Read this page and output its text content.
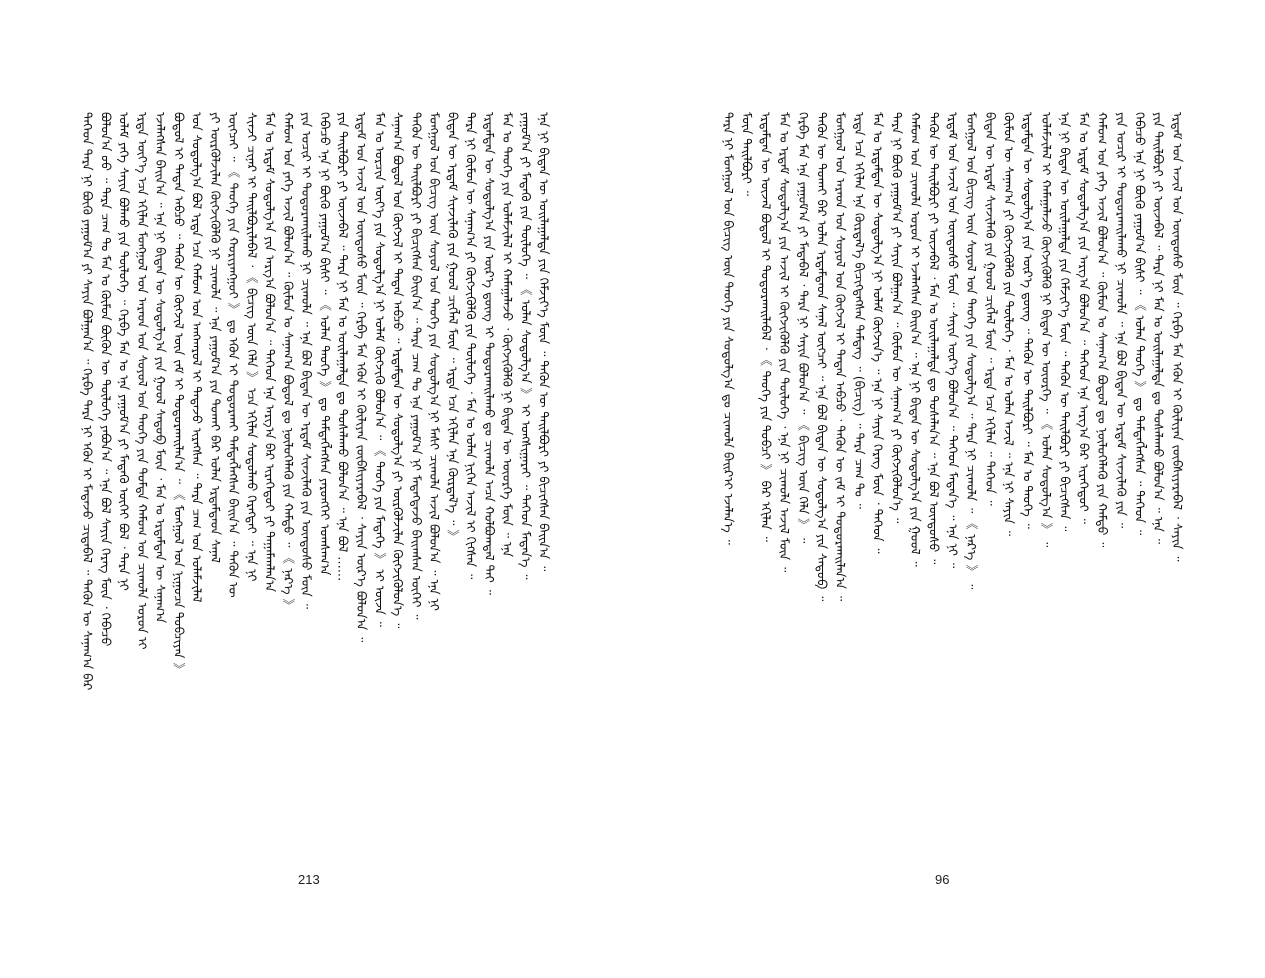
ᠲᠡᠭᠡᠳ ᠲᠡᠷᠡ ᠨᠢ ᠪᠦᠬᠦ ᠶᠠᠭᠤᠮ᠎ᠠ ᠶᠢ ᠰᠠᠶᠢᠨ ᠪᠣᠯᠭᠠᠨ᠎ᠠ ᠃ ᠬᠡᠷᠪᠡ ᠲᠡᠷᠡ ᠨᠢ ᠡᠭᠦᠨ ᠢ ᠮᠡᠳᠡᠵᠦ ᠴᠢᠳᠠᠪᠠᠯ ᠃ ᠲᠡᠭᠦᠨ ᠦ ᠰᠠᠨᠠᠭ᠎ᠠ ᠪᠡᠷ ᠪᠣᠯᠤᠨ᠎ᠠ ᠦᠦ ᠃ ᠲᠡᠷᠡ ᠴᠠᠭ ᠲᠤ ᠮᠠᠨ ᠤ ᠬᠦᠮᠦᠨ ᠪᠦᠬᠦᠨ ᠦ ᠲᠦᠯᠦᠭᠡ ᠶᠠᠪᠤᠨ᠎ᠠ ᠃ ᠡᠨᠡ ᠪᠣᠯ ᠰᠠᠶᠢᠨ ᠬᠡᠷᠡᠭ ᠮᠦᠨ ᠂ ᠭᠡᠪᠡᠴᠦ ᠤᠯᠠᠮ ᠶᠡᠬᠡ ᠰᠠᠶᠢᠨ ᠪᠣᠯᠬᠤ ᠶᠢᠨ ᠲᠥᠯᠦᠭᠡ ᠃ ᠬᠡᠷᠪᠡ ᠮᠠᠨ ᠤ ᠡᠨᠡ ᠶᠠᠭᠤᠮ᠎ᠠ ᠶᠢ ᠮᠡᠳᠡᠬᠦ ᠦᠭᠡᠢ ᠪᠣᠯ ᠂ ᠲᠡᠷᠡ ᠨᠢ ᠡᠷᠲᠡ ᠦᠶ᠎ᠡ ᠡᠴᠡ ᠡᠬᠢᠯᠡᠨ ᠮᠣᠩᠭᠣᠯ ᠤᠨ ᠠᠷᠠᠳ ᠤᠨ ᠰᠣᠶᠣᠯ ᠤᠨ ᠲᠡᠦᠬᠡ ᠶᠢᠨ ᠳᠤᠮᠳᠠ ᠬᠠᠮᠤᠭ ᠤᠨ ᠴᠢᠬᠤᠯᠠ ᠣᠷᠤᠨ ᠢ ᠡᠵᠡᠯᠡᠭᠰᠡᠨ ᠪᠠᠢᠨ᠎ᠠ ᠃ ᠡᠨᠡ ᠨᠢ ᠪᠢᠳᠡᠨ ᠦ ᠰᠤᠳᠤᠯᠭ᠎ᠠ ᠶᠢᠨ ᠭᠣᠣᠯ ᠰᠡᠳᠦᠪ ᠮᠦᠨ ᠂ ᠮᠠᠨ ᠤ ᠡᠷᠳᠡᠮᠲᠡᠨ ᠦ ᠰᠠᠨᠠᠭ᠎ᠠ ᠪᠣᠳᠤᠯ ᠢ ᠲᠠᠲᠠᠨ ᠠᠪᠴᠤ ᠃ ᠲᠡᠭᠦᠨ ᠦ ᠬᠥᠭᠵᠢᠯ ᠦᠨ ᠵᠠᠮ ᠢ ᠲᠣᠳᠣᠷᠬᠠᠢᠯᠠᠨ᠎ᠠ ᠃ 《 ᠮᠣᠩᠭᠣᠯ ᠤᠨ ᠨᠢᠭᠤᠴᠠ ᠲᠣᠪᠴᠢᠶᠠᠨ 》 ᠤᠨ ᠰᠤᠳᠤᠯᠭ᠎ᠠ ᠪᠣᠯ ᠡᠷᠲᠡ ᠡᠴᠡ ᠬᠠᠮᠤᠭ ᠤᠨ ᠠᠩᠬᠠᠷᠤᠯ ᠢ ᠲᠠᠲᠠᠵᠤ ᠢᠷᠡᠭᠰᠡᠨ ᠃ ᠲᠡᠷᠡ ᠴᠠᠭ ᠤᠨ ᠤᠯᠠᠮᠵᠢᠯᠠᠯ ᠶᠢ ᠦᠷᠭᠦᠯᠵᠢᠯᠡᠨ ᠬᠥᠭᠵᠢᠭᠦᠯᠬᠦ ᠨᠢ ᠴᠢᠬᠤᠯᠠ ᠃ ᠡᠨᠡ ᠶᠠᠭᠤᠮ᠎ᠠ ᠶᠢᠨ ᠲᠤᠬᠠᠢ ᠪᠠᠷ ᠣᠯᠠᠨ ᠡᠷᠳᠡᠮᠲᠡᠳ ᠰᠠᠨᠠᠯ ᠥᠭᠴᠡᠢ ᠃ 《 ᠲᠡᠦᠬᠡ ᠶᠢᠨ ᠬᠣᠷᠢᠶᠠᠩᠭᠤᠢ 》 ᠳᠤ ᠡᠭᠦᠨ ᠢ ᠲᠣᠳᠣᠷᠬᠠᠢ ᠲᠡᠮᠳᠡᠭᠯᠡᠭᠰᠡᠨ ᠪᠠᠢᠨ᠎ᠠ ᠃ ᠲᠡᠭᠦᠨ ᠦ ᠰᠢᠨᠵᠢ ᠴᠢᠨᠠᠷ ᠢ ᠲᠠᠢᠯᠪᠤᠷᠢᠯᠠᠪᠠᠯ ᠂ 《 ᠪᠢᠴᠢᠭ ᠦᠨ ᠬᠡᠯᠡ 》 ᠡᠴᠡ ᠡᠬᠢᠯᠡᠨ ᠰᠤᠳᠤᠯᠬᠤ ᠬᠡᠷᠡᠭᠲᠡᠢ ᠃ ᠡᠨᠡ ᠨᠢ ᠮᠠᠨ ᠤ ᠡᠷᠳᠡᠮ ᠰᠤᠳᠤᠯᠭ᠎ᠠ ᠶᠢᠨ ᠠᠷᠭ᠎ᠠ ᠪᠣᠯᠤᠨ᠎ᠠ ᠃ ᠲᠡᠭᠡᠳ ᠡᠨᠡ ᠠᠷᠭ᠎ᠠ ᠪᠠᠷ ᠢᠷᠡᠭᠡᠳᠦᠢ ᠶᠢ ᠲᠠᠭᠠᠮᠠᠭᠯᠠᠨ᠎ᠠ ᠬᠠᠮᠤᠭ ᠤᠨ ᠶᠡᠬᠡ ᠠᠵᠢᠯ ᠪᠣᠯᠤᠨ᠎ᠠ ᠃ ᠬᠦᠮᠦᠨ ᠤ ᠰᠠᠨᠠᠭ᠎ᠠ ᠪᠣᠳᠤᠯ ᠳᠤ ᠨᠥᠯᠦᠭᠡᠯᠡᠬᠦ ᠶᠢᠨ ᠬᠠᠮᠲᠤ ᠃ 《 ᠨᠡᠷ᠎ᠡ 》 ᠶᠢᠨ ᠤᠴᠢᠷ ᠢ ᠲᠣᠳᠣᠷᠬᠠᠢᠯᠠᠬᠤ ᠨᠢ ᠴᠢᠬᠤᠯᠠ ᠃ ᠡᠨᠡ ᠪᠣᠯ ᠪᠢᠳᠡᠨ ᠦ ᠡᠷᠳᠡᠮ ᠰᠢᠨᠵᠢᠯᠡᠬᠦ ᠶᠢᠨ ᠦᠨᠳᠦᠰᠦ ᠮᠦᠨ ᠃ ᠭᠡᠪᠡᠴᠦ ᠡᠨᠡ ᠨᠢ ᠪᠦᠬᠦ ᠶᠠᠭᠤᠮ᠎ᠠ ᠪᠢᠰᠢ ᠃ 《 ᠣᠯᠠᠨ ᠲᠡᠦᠬᠡ 》 ᠳᠤ ᠲᠡᠮᠳᠡᠭᠯᠡᠭᠰᠡᠨ ᠶᠡᠷᠦᠩᠬᠡᠢ ᠤᠭᠰᠠᠭ᠎ᠠ ᠶᠢᠨ ᠲᠠᠢᠯᠪᠤᠷᠢ ᠶᠢ ᠦᠵᠡᠪᠡᠯ ᠃ ᠲᠡᠷᠡ ᠨᠢ ᠮᠠᠨ ᠤ ᠣᠢᠯᠠᠭᠠᠯᠲᠠ ᠳᠤ ᠲᠤᠰᠠᠯᠠᠬᠤ ᠪᠣᠯᠤᠨ᠎ᠠ ᠃ ᠡᠨᠡ ᠪᠣᠯ …… ᠡᠷᠳᠡᠮ ᠤᠨ ᠠᠵᠢᠯ ᠤᠨ ᠦᠨᠳᠦᠰᠦ ᠮᠦᠨ ᠃ ᠬᠡᠷᠪᠡ ᠮᠠᠨ ᠡᠭᠦᠨ ᠢ ᠬᠦᠯᠢᠶᠡᠨ ᠵᠥᠪᠰᠢᠶᠡᠷᠡᠪᠡᠯ ᠂ ᠰᠠᠶᠢᠨ ᠦᠷ᠎ᠡ ᠪᠣᠯᠤᠨ᠎ᠠ ᠃ ᠮᠠᠨ ᠤ ᠣᠷᠴᠢᠨ ᠦᠶ᠎ᠡ ᠶᠢᠨ ᠰᠤᠳᠤᠯᠭ᠎ᠠ ᠨᠢ ᠤᠯᠠᠮ ᠬᠥᠭᠵᠢᠬᠦ ᠪᠣᠯᠤᠨ᠎ᠠ ᠃ 《 ᠲᠡᠦᠬᠡ ᠶᠢᠨ ᠮᠡᠳᠡᠭᠡ 》 ᠢ ᠦᠵᠡ ᠃ ᠰᠠᠨᠠᠭ᠎ᠠ ᠪᠣᠳᠤᠯ ᠤᠨ ᠬᠥᠭᠵᠢᠯ ᠢ ᠲᠠᠲᠠᠨ ᠠᠪᠴᠤ ᠃ ᠡᠷᠳᠡᠮᠲᠡᠨ ᠦ ᠰᠤᠳᠤᠯᠭ᠎ᠠ ᠶᠢ ᠦᠷᠭᠦᠯᠵᠢᠯᠡᠨ ᠬᠥᠭᠵᠢᠭᠦᠯᠦᠨ᠎ᠡ ᠃ ᠲᠡᠭᠦᠨ ᠦ ᠲᠠᠢᠯᠪᠤᠷᠢ ᠶᠢ ᠪᠢᠴᠢᠭᠰᠡᠨ ᠪᠠᠢᠨ᠎ᠠ ᠃ ᠲᠡᠷᠡ ᠴᠠᠭ ᠲᠤ ᠡᠨᠡ ᠶᠠᠭᠤᠮ᠎ᠠ ᠨᠢ ᠮᠡᠳᠡᠭᠳᠡᠵᠦ ᠪᠠᠢᠭᠰᠠᠨ ᠦᠭᠡᠢ ᠃ ᠮᠣᠩᠭᠣᠯ ᠤᠨ ᠪᠢᠴᠢᠭ ᠦᠨ ᠰᠤᠶᠤᠯ ᠤᠨ ᠲᠡᠦᠬᠡ ᠶᠢᠨ ᠰᠤᠳᠤᠯᠭ᠎ᠠ ᠨᠢ ᠮᠠᠰᠢ ᠴᠢᠬᠤᠯᠠ ᠠᠵᠢᠯ ᠪᠣᠯᠤᠨ᠎ᠠ ᠃ ᠡᠨᠡ ᠨᠢ ᠪᠢᠳᠡᠨ ᠦ ᠡᠷᠳᠡᠮ ᠰᠢᠨᠵᠢᠯᠡᠬᠦ ᠶᠢᠨ ᠭᠣᠣᠯ ᠴᠢᠭᠯᠡᠯ ᠮᠦᠨ ᠃ ᠡᠷᠲᠡ ᠡᠴᠡ ᠡᠬᠢᠯᠡᠨ ᠡᠨᠡ ᠬᠦᠷᠲᠡᠯ᠎ᠡ ᠃ 》 ᠲᠡᠷᠡ ᠨᠢ ᠬᠦᠮᠦᠨ ᠦ ᠰᠠᠨᠠᠭ᠎ᠠ ᠶᠢ ᠬᠥᠭᠵᠢᠭᠦᠯᠬᠦ ᠶᠢᠨ ᠲᠥᠯᠦᠭᠡ ᠂ ᠮᠠᠨ ᠤ ᠣᠯᠠᠨ ᠨᠢᠭᠡᠨ ᠠᠵᠢᠯ ᠢ ᠬᠢᠭᠰᠡᠨ ᠃ ᠡᠷᠳᠡᠮᠲᠡᠨ ᠦ ᠰᠤᠳᠤᠯᠭ᠎ᠠ ᠶᠢᠨ ᠦᠷ᠎ᠡ ᠳ᠋ᠦᠩ ᠢ ᠲᠣᠳᠣᠷᠬᠠᠢᠯᠠᠬᠤ ᠳᠤ ᠴᠢᠬᠤᠯᠠ ᠠᠴᠠ ᠬᠣᠯᠪᠣᠭᠳᠠᠯ ᠲᠠᠢ ᠃ ᠮᠠᠨ ᠤ ᠲᠡᠦᠬᠡ ᠶᠢᠨ ᠤᠯᠠᠮᠵᠢᠯᠠᠯ ᠢ ᠬᠠᠮᠠᠭᠠᠯᠠᠵᠤ ᠂ ᠬᠥᠭᠵᠢᠭᠦᠯᠬᠦ ᠨᠢ ᠪᠢᠳᠡᠨ ᠦ ᠦᠦᠷᠭᠡ ᠮᠦᠨ ᠃ ᠡᠨᠡ ᠶᠠᠭᠤᠮ᠎ᠠ ᠶᠢ ᠮᠡᠳᠡᠬᠦ ᠶᠢᠨ ᠲᠥᠯᠦᠭᠡ ᠃ 《 ᠣᠯᠠᠨ ᠰᠤᠳᠤᠯᠭ᠎ᠠ 》 ᠢ ᠤᠩᠰᠢᠭᠠᠷᠠᠢ ᠃ ᠲᠡᠭᠡᠳ ᠮᠡᠳᠡᠨ᠎ᠡ ᠃ ᠡᠨᠡ ᠨᠢ ᠪᠢᠳᠡᠨ ᠦ ᠣᠢᠯᠠᠭᠠᠯᠲᠠ ᠶᠢᠨ ᠬᠡᠮᠵᠢᠶ᠎ᠡ ᠮᠦᠨ ᠃ ᠲᠡᠭᠦᠨ ᠦ ᠲᠠᠢᠯᠪᠤᠷᠢ ᠶᠢ ᠪᠢᠴᠢᠭᠰᠡᠨ ᠪᠠᠢᠨ᠎ᠠ ᠃
213
ᠲᠡᠷᠡ ᠨᠢ ᠮᠣᠩᠭᠣᠯ ᠤᠨ ᠪᠢᠴᠢᠭ ᠦᠨ ᠲᠡᠦᠬᠡ ᠶᠢᠨ ᠰᠤᠳᠤᠯᠭ᠎ᠠ ᠳᠤ ᠴᠢᠬᠤᠯᠠ ᠪᠠᠢᠷ᠎ᠢ ᠡᠵᠡᠯᠡᠨ᠎ᠡ ᠃ ᠮᠦᠨ ᠲᠠᠢᠯᠪᠤᠷᠢ ᠃ ᠡᠷᠳᠡᠮᠲᠡᠨ ᠦ ᠦᠵᠡᠯ ᠪᠣᠳᠤᠯ ᠢ ᠲᠣᠳᠣᠷᠬᠠᠢᠯᠠᠪᠠᠯ ᠂ 《 ᠲᠡᠦᠬᠡ ᠶᠢᠨ ᠲᠣᠪᠴᠢ 》 ᠪᠠᠷ ᠡᠬᠢᠯᠡᠨ ᠃ ᠮᠠᠨ ᠤ ᠡᠷᠳᠡᠮ ᠰᠤᠳᠤᠯᠭ᠎ᠠ ᠶᠢᠨ ᠠᠵᠢᠯ ᠢ ᠬᠥᠭᠵᠢᠭᠦᠯᠬᠦ ᠶᠢᠨ ᠲᠥᠯᠦᠭᠡ ᠂ ᠡᠨᠡ ᠨᠢ ᠴᠢᠬᠤᠯᠠ ᠠᠵᠢᠯ ᠮᠦᠨ ᠃ ᠬᠡᠷᠪᠡ ᠮᠠᠨ ᠡᠨᠡ ᠶᠠᠭᠤᠮ᠎ᠠ ᠶᠢ ᠮᠡᠳᠡᠪᠡᠯ ᠂ ᠲᠡᠷᠡ ᠨᠢ ᠰᠠᠶᠢᠨ ᠪᠣᠯᠤᠨ᠎ᠠ ᠃ 《 ᠪᠢᠴᠢᠭ ᠦᠨ ᠬᠡᠯᠡ 》 ᠃ ᠲᠡᠭᠦᠨ ᠦ ᠲᠤᠬᠠᠢ ᠪᠠᠷ ᠣᠯᠠᠨ ᠡᠷᠳᠡᠮᠲᠡᠳ ᠰᠠᠨᠠᠯ ᠥᠭᠴᠡᠢ ᠃ ᠡᠨᠡ ᠪᠣᠯ ᠪᠢᠳᠡᠨ ᠦ ᠰᠤᠳᠤᠯᠭ᠎ᠠ ᠶᠢᠨ ᠰᠡᠳᠦᠪ ᠃ ᠮᠣᠩᠭᠣᠯ ᠤᠨ ᠠᠷᠠᠳ ᠤᠨ ᠰᠣᠶᠣᠯ ᠤᠨ ᠬᠥᠭᠵᠢᠯ ᠢ ᠲᠠᠲᠠᠨ ᠠᠪᠴᠤ ᠂ ᠲᠡᠭᠦᠨ ᠦ ᠵᠠᠮ ᠢ ᠲᠣᠳᠣᠷᠬᠠᠢᠯᠠᠨ᠎ᠠ ᠃ ᠡᠷᠲᠡ ᠡᠴᠡ ᠡᠬᠢᠯᠡᠨ ᠡᠨᠡ ᠬᠦᠷᠲᠡᠯ᠎ᠡ ᠪᠢᠴᠢᠭᠳᠡᠭᠰᠡᠨ ᠲᠡᠮᠳᠡᠭ ᠃ (ᠪᠢᠴᠢᠭ) ᠃ ᠲᠡᠷᠡ ᠴᠠᠭ ᠲᠤ ᠃ ᠮᠠᠨ ᠤ ᠡᠷᠳᠡᠮᠲᠡᠨ ᠦ ᠰᠤᠳᠤᠯᠭ᠎ᠠ ᠨᠢ ᠤᠯᠠᠮ ᠬᠥᠭᠵᠢᠨ᠎ᠡ ᠃ ᠡᠨᠡ ᠨᠢ ᠰᠠᠶᠢᠨ ᠬᠡᠷᠡᠭ ᠮᠦᠨ ᠂ ᠲᠡᠭᠡᠳ ᠃ ᠲᠡᠷᠡ ᠨᠢ ᠪᠦᠬᠦ ᠶᠠᠭᠤᠮ᠎ᠠ ᠶᠢ ᠰᠠᠶᠢᠨ ᠪᠣᠯᠭᠠᠨ᠎ᠠ ᠃ ᠬᠦᠮᠦᠨ ᠦ ᠰᠠᠨᠠᠭ᠎ᠠ ᠶᠢ ᠬᠥᠭᠵᠢᠭᠦᠯᠦᠨ᠎ᠡ ᠃ ᠬᠠᠮᠤᠭ ᠤᠨ ᠴᠢᠬᠤᠯᠠ ᠣᠷᠤᠨ ᠢ ᠡᠵᠡᠯᠡᠭᠰᠡᠨ ᠪᠠᠢᠨ᠎ᠠ ᠃ ᠡᠨᠡ ᠨᠢ ᠪᠢᠳᠡᠨ ᠦ ᠰᠤᠳᠤᠯᠭ᠎ᠠ ᠶᠢᠨ ᠭᠣᠣᠯ ᠃ ᠲᠡᠭᠦᠨ ᠦ ᠲᠠᠢᠯᠪᠤᠷᠢ ᠶᠢ ᠦᠵᠡᠪᠡᠯ ᠂ ᠮᠠᠨ ᠤ ᠣᠢᠯᠠᠭᠠᠯᠲᠠ ᠳᠤ ᠲᠤᠰᠠᠯᠠᠨ᠎ᠠ ᠃ ᠡᠨᠡ ᠪᠣᠯ ᠦᠨᠳᠦᠰᠦ ᠃ ᠡᠷᠳᠡᠮ ᠤᠨ ᠠᠵᠢᠯ ᠤᠨ ᠦᠨᠳᠦᠰᠦ ᠮᠦᠨ ᠃ ᠰᠠᠶᠢᠨ ᠦᠷ᠎ᠡ ᠪᠣᠯᠤᠨ᠎ᠠ ᠃ ᠲᠡᠭᠡᠳ ᠮᠡᠳᠡᠨ᠎ᠡ ᠃ ᠡᠨᠡ ᠨᠢ ᠃ ᠮᠣᠩᠭᠣᠯ ᠤᠨ ᠪᠢᠴᠢᠭ ᠦᠨ ᠰᠤᠶᠤᠯ ᠤᠨ ᠲᠡᠦᠬᠡ ᠶᠢᠨ ᠰᠤᠳᠤᠯᠭ᠎ᠠ ᠃ ᠲᠡᠷᠡ ᠨᠢ ᠴᠢᠬᠤᠯᠠ ᠃ 《 ᠨᠡᠷ᠎ᠡ 》 ᠃ ᠪᠢᠳᠡᠨ ᠦ ᠡᠷᠳᠡᠮ ᠰᠢᠨᠵᠢᠯᠡᠬᠦ ᠶᠢᠨ ᠭᠣᠣᠯ ᠴᠢᠭᠯᠡᠯ ᠮᠦᠨ ᠃ ᠡᠷᠲᠡ ᠡᠴᠡ ᠡᠬᠢᠯᠡᠨ ᠃ ᠲᠡᠭᠡᠳ ᠃ ᠬᠦᠮᠦᠨ ᠦ ᠰᠠᠨᠠᠭ᠎ᠠ ᠶᠢ ᠬᠥᠭᠵᠢᠭᠦᠯᠬᠦ ᠶᠢᠨ ᠲᠥᠯᠦᠭᠡ ᠂ ᠮᠠᠨ ᠤ ᠣᠯᠠᠨ ᠠᠵᠢᠯ ᠃ ᠡᠨᠡ ᠨᠢ ᠰᠠᠶᠢᠨ ᠃ ᠡᠷᠳᠡᠮᠲᠡᠨ ᠦ ᠰᠤᠳᠤᠯᠭ᠎ᠠ ᠶᠢᠨ ᠦᠷ᠎ᠡ ᠳ᠋ᠦᠩ ᠃ ᠲᠡᠭᠦᠨ ᠦ ᠲᠠᠢᠯᠪᠤᠷᠢ ᠃ ᠮᠠᠨ ᠤ ᠲᠡᠦᠬᠡ ᠃ ᠤᠯᠠᠮᠵᠢᠯᠠᠯ ᠢ ᠬᠠᠮᠠᠭᠠᠯᠠᠵᠤ ᠬᠥᠭᠵᠢᠭᠦᠯᠬᠦ ᠨᠢ ᠪᠢᠳᠡᠨ ᠦ ᠦᠦᠷᠭᠡ ᠃ 《 ᠣᠯᠠᠨ ᠰᠤᠳᠤᠯᠭ᠎ᠠ 》 ᠃ ᠡᠨᠡ ᠨᠢ ᠪᠢᠳᠡᠨ ᠦ ᠣᠢᠯᠠᠭᠠᠯᠲᠠ ᠶᠢᠨ ᠬᠡᠮᠵᠢᠶ᠎ᠡ ᠮᠦᠨ ᠃ ᠲᠡᠭᠦᠨ ᠦ ᠲᠠᠢᠯᠪᠤᠷᠢ ᠶᠢ ᠪᠢᠴᠢᠭᠰᠡᠨ ᠃ ᠮᠠᠨ ᠤ ᠡᠷᠳᠡᠮ ᠰᠤᠳᠤᠯᠭ᠎ᠠ ᠶᠢᠨ ᠠᠷᠭ᠎ᠠ ᠪᠣᠯᠤᠨ᠎ᠠ ᠃ ᠲᠡᠭᠡᠳ ᠡᠨᠡ ᠠᠷᠭ᠎ᠠ ᠪᠠᠷ ᠢᠷᠡᠭᠡᠳᠦᠢ ᠃ ᠬᠠᠮᠤᠭ ᠤᠨ ᠶᠡᠬᠡ ᠠᠵᠢᠯ ᠪᠣᠯᠤᠨ᠎ᠠ ᠃ ᠬᠦᠮᠦᠨ ᠤ ᠰᠠᠨᠠᠭ᠎ᠠ ᠪᠣᠳᠤᠯ ᠳᠤ ᠨᠥᠯᠦᠭᠡᠯᠡᠬᠦ ᠶᠢᠨ ᠬᠠᠮᠲᠤ ᠃ ᠶᠢᠨ ᠤᠴᠢᠷ ᠢ ᠲᠣᠳᠣᠷᠬᠠᠢᠯᠠᠬᠤ ᠨᠢ ᠴᠢᠬᠤᠯᠠ ᠃ ᠡᠨᠡ ᠪᠣᠯ ᠪᠢᠳᠡᠨ ᠦ ᠡᠷᠳᠡᠮ ᠰᠢᠨᠵᠢᠯᠡᠬᠦ ᠶᠢᠨ ᠃ ᠭᠡᠪᠡᠴᠦ ᠡᠨᠡ ᠨᠢ ᠪᠦᠬᠦ ᠶᠠᠭᠤᠮ᠎ᠠ ᠪᠢᠰᠢ ᠃ 《 ᠣᠯᠠᠨ ᠲᠡᠦᠬᠡ 》 ᠳᠤ ᠲᠡᠮᠳᠡᠭᠯᠡᠭᠰᠡᠨ ᠃ ᠲᠡᠭᠡᠳ ᠃ ᠶᠢᠨ ᠲᠠᠢᠯᠪᠤᠷᠢ ᠶᠢ ᠦᠵᠡᠪᠡᠯ ᠃ ᠲᠡᠷᠡ ᠨᠢ ᠮᠠᠨ ᠤ ᠣᠢᠯᠠᠭᠠᠯᠲᠠ ᠳᠤ ᠲᠤᠰᠠᠯᠠᠬᠤ ᠪᠣᠯᠤᠨ᠎ᠠ ᠃ ᠡᠨᠡ ᠃ ᠡᠷᠳᠡᠮ ᠤᠨ ᠠᠵᠢᠯ ᠤᠨ ᠦᠨᠳᠦᠰᠦ ᠮᠦᠨ ᠃ ᠬᠡᠷᠪᠡ ᠮᠠᠨ ᠡᠭᠦᠨ ᠢ ᠬᠦᠯᠢᠶᠡᠨ ᠵᠥᠪᠰᠢᠶᠡᠷᠡᠪᠡᠯ ᠂ ᠰᠠᠶᠢᠨ ᠃
96
